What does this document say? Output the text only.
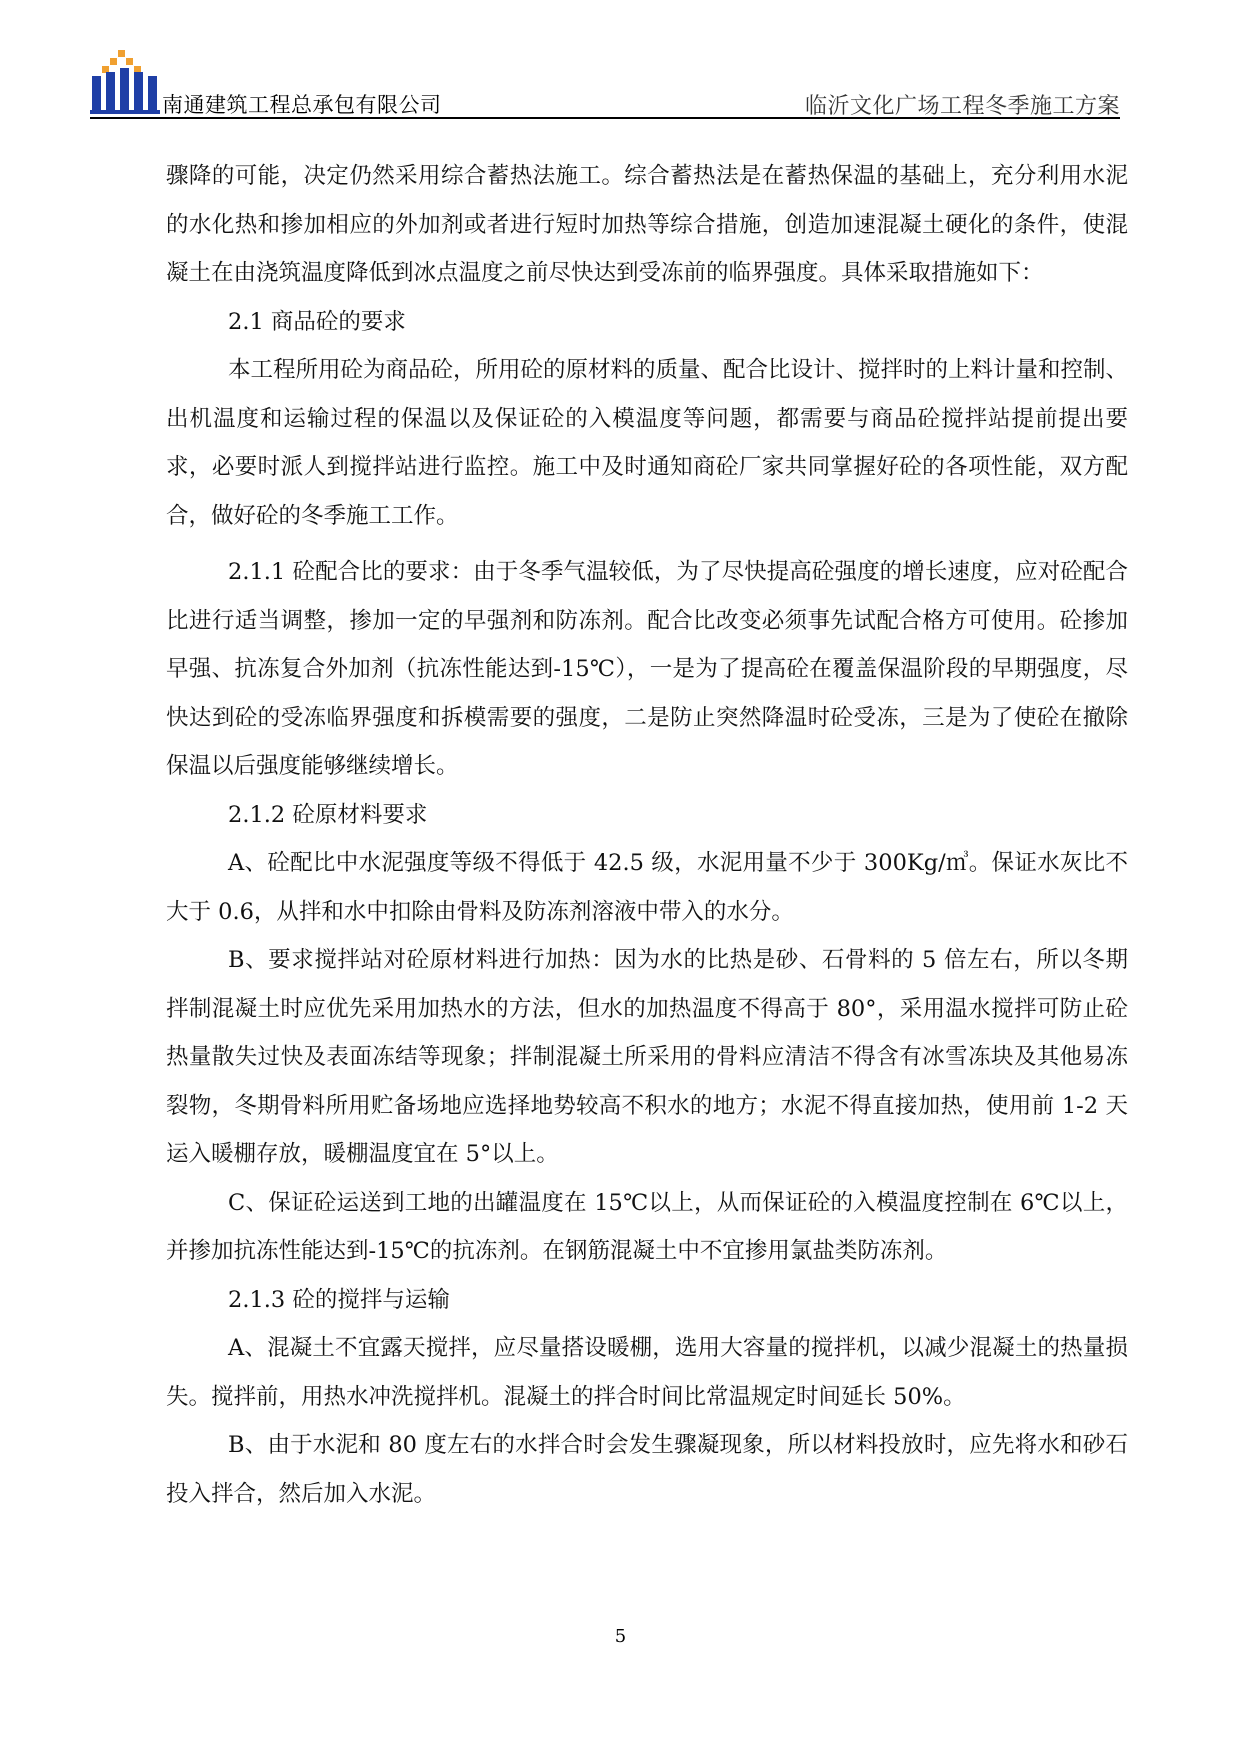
南通建筑工程总承包有限公司	临沂文化广场工程冬季施工方案

骤降的可能，决定仍然采用综合蓄热法施工。综合蓄热法是在蓄热保温的基础上，充分利用水泥的水化热和掺加相应的外加剂或者进行短时加热等综合措施，创造加速混凝土硬化的条件，使混凝土在由浇筑温度降低到冰点温度之前尽快达到受冻前的临界强度。具体采取措施如下：

2.1 商品砼的要求

本工程所用砼为商品砼，所用砼的原材料的质量、配合比设计、搅拌时的上料计量和控制、出机温度和运输过程的保温以及保证砼的入模温度等问题，都需要与商品砼搅拌站提前提出要求，必要时派人到搅拌站进行监控。施工中及时通知商砼厂家共同掌握好砼的各项性能，双方配合，做好砼的冬季施工工作。

2.1.1 砼配合比的要求：由于冬季气温较低，为了尽快提高砼强度的增长速度，应对砼配合比进行适当调整，掺加一定的早强剂和防冻剂。配合比改变必须事先试配合格方可使用。砼掺加早强、抗冻复合外加剂（抗冻性能达到-15℃），一是为了提高砼在覆盖保温阶段的早期强度，尽快达到砼的受冻临界强度和拆模需要的强度，二是防止突然降温时砼受冻，三是为了使砼在撤除保温以后强度能够继续增长。

2.1.2 砼原材料要求

A、砼配比中水泥强度等级不得低于 42.5 级，水泥用量不少于 300Kg/㎥。保证水灰比不大于 0.6，从拌和水中扣除由骨料及防冻剂溶液中带入的水分。

B、要求搅拌站对砼原材料进行加热：因为水的比热是砂、石骨料的 5 倍左右，所以冬期拌制混凝土时应优先采用加热水的方法，但水的加热温度不得高于 80°，采用温水搅拌可防止砼热量散失过快及表面冻结等现象；拌制混凝土所采用的骨料应清洁不得含有冰雪冻块及其他易冻裂物，冬期骨料所用贮备场地应选择地势较高不积水的地方；水泥不得直接加热，使用前 1-2 天运入暖棚存放，暖棚温度宜在 5°以上。

C、保证砼运送到工地的出罐温度在 15℃以上，从而保证砼的入模温度控制在 6℃以上，并掺加抗冻性能达到-15℃的抗冻剂。在钢筋混凝土中不宜掺用氯盐类防冻剂。

2.1.3 砼的搅拌与运输

A、混凝土不宜露天搅拌，应尽量搭设暖棚，选用大容量的搅拌机，以减少混凝土的热量损失。搅拌前，用热水冲洗搅拌机。混凝土的拌合时间比常温规定时间延长 50%。

B、由于水泥和 80 度左右的水拌合时会发生骤凝现象，所以材料投放时，应先将水和砂石投入拌合，然后加入水泥。

5
